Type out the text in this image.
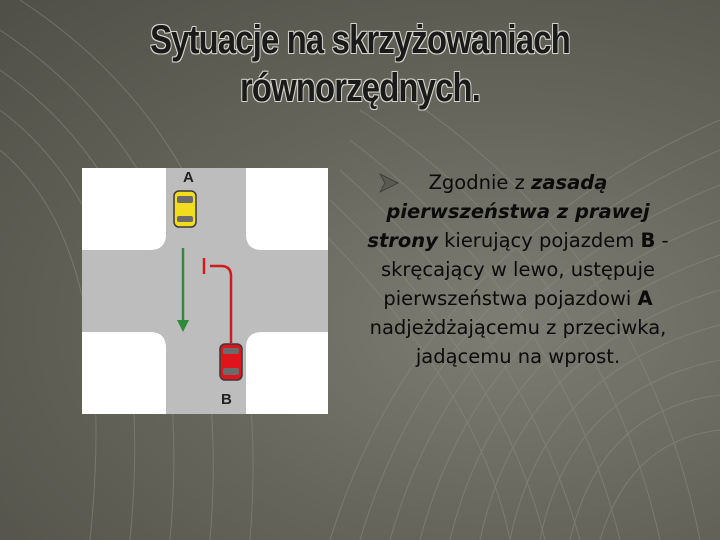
Sytuacje na skrzyżowaniach
równorzędnych.
A
B
Zgodnie z zasadą pierwszeństwa z prawej strony kierujący pojazdem B - skręcający w lewo, ustępuje pierwszeństwa pojazdowi A nadjeżdżającemu z przeciwka, jadącemu na wprost.
